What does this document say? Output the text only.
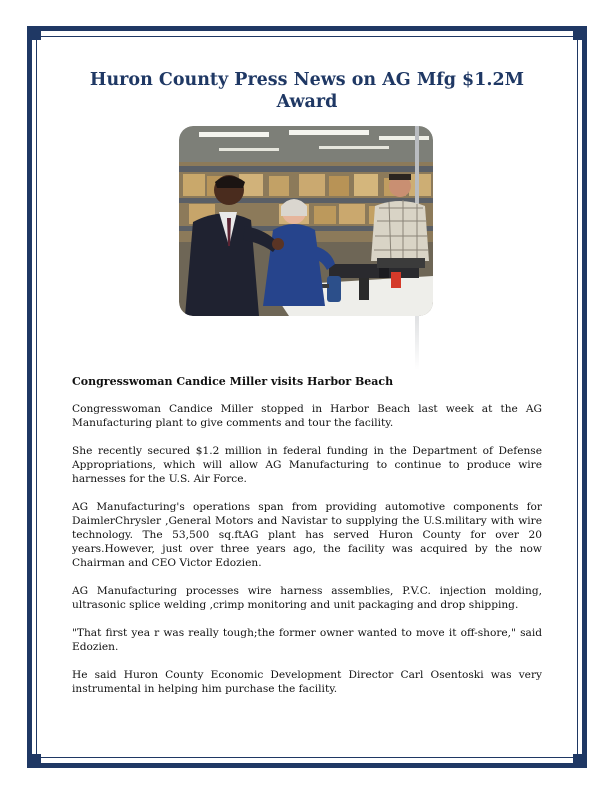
Huron County Press News on AG Mfg $1.2M Award
Congresswoman Candice Miller visits Harbor Beach

Congresswoman Candice Miller stopped in Harbor Beach last week at the AG Manufacturing plant to give comments and tour the facility.

She recently secured $1.2 million in federal funding in the Department of Defense Appropriations, which will allow AG Manufacturing to continue to produce wire harnesses for the U.S. Air Force.

AG Manufacturing's operations span from providing automotive components for DaimlerChrysler ,General Motors and Navistar to supplying the U.S.military with wire technology. The 53,500 sq.ftAG plant has served Huron County for over 20 years.However, just over three years ago, the facility was acquired by the now Chairman and CEO Victor Edozien.

AG Manufacturing processes wire harness assemblies, P.V.C. injection molding, ultrasonic splice welding ,crimp monitoring and unit packaging and drop shipping.

"That first yea r was really tough;the former owner wanted to move it off-shore," said Edozien.

He said Huron County Economic Development Director Carl Osentoski was very instrumental in helping him purchase the facility.
